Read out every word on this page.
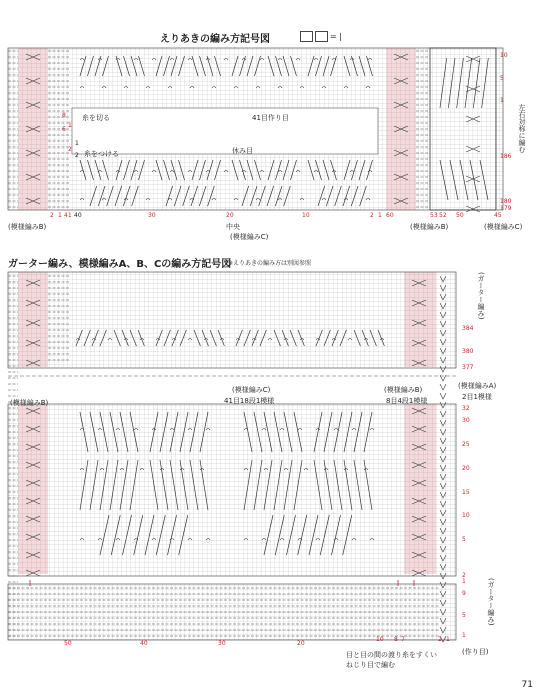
えりあきの編み方記号図	= |
ガーター編み、模様編みA、B、Cの編み方記号図
※えりあきの編み方は別図参照
糸を切る
糸をつける
41目作り目
休み目
中央
左右対称に編む
(模様編みB)
(模様編みC)
(模様編みB)	(模様編みC)
1
2
1
2
8
6
10
5
1
186
180
179
2 1 41 40	30	20	10	2 1 60	53 52 50	45
(ガーター編み)
(ガーター編み)
(模様編みB)
(模様編みC)
41目18段1模様
(模様編みB)
8目4段1模様
(模様編みA)
2目1模様
384
380
377
32
30
25
20
15
10
5
2
1
9
5
1
50	40	30	20
10 8 7	2 1
(作り目)
目と目の間の渡り糸をすくい
ねじり目で編む
71
